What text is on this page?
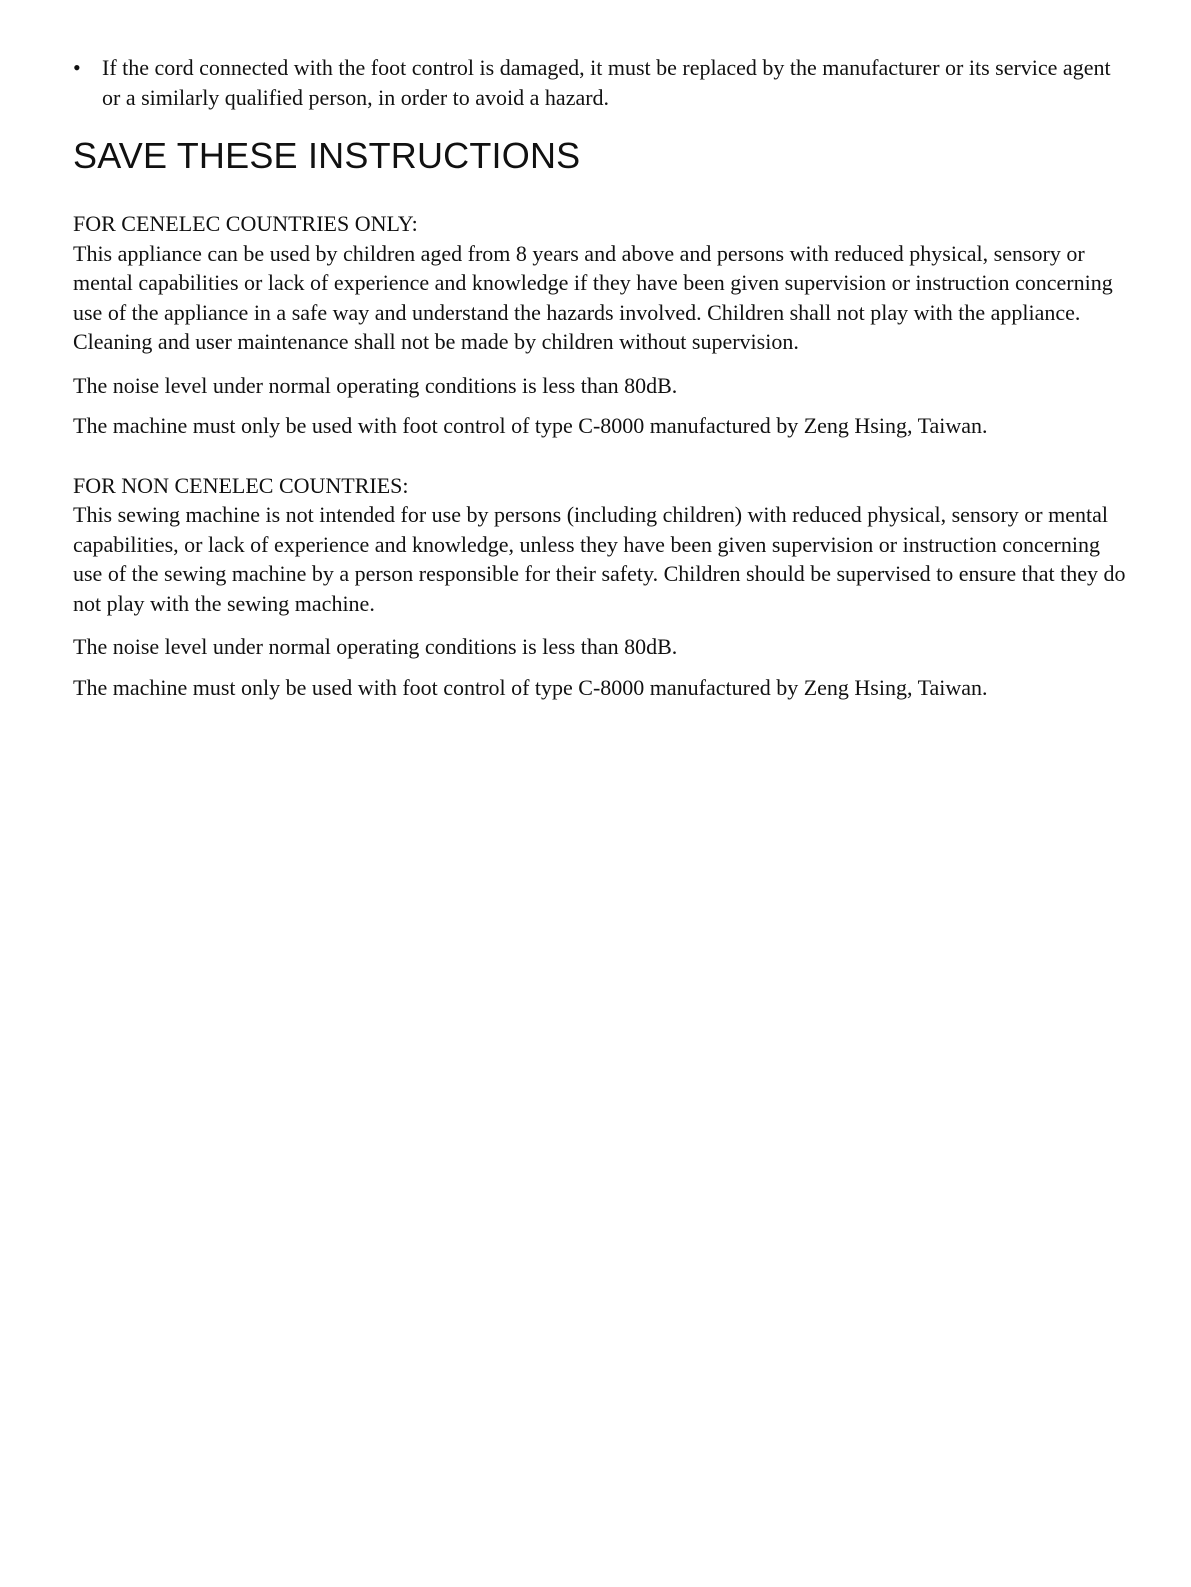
• If the cord connected with the foot control is damaged, it must be replaced by the manufacturer or its service agent or a similarly qualified person, in order to avoid a hazard.

SAVE THESE INSTRUCTIONS
FOR CENELEC COUNTRIES ONLY:

This appliance can be used by children aged from 8 years and above and persons with reduced physical, sensory or mental capabilities or lack of experience and knowledge if they have been given supervision or instruction concerning use of the appliance in a safe way and understand the hazards involved. Children shall not play with the appliance. Cleaning and user maintenance shall not be made by children without supervision.

The noise level under normal operating conditions is less than 80dB.

The machine must only be used with foot control of type C-8000 manufactured by Zeng Hsing, Taiwan.

FOR NON CENELEC COUNTRIES:

This sewing machine is not intended for use by persons (including children) with reduced physical, sensory or mental capabilities, or lack of experience and knowledge, unless they have been given supervision or instruction concerning use of the sewing machine by a person responsible for their safety. Children should be supervised to ensure that they do not play with the sewing machine.

The noise level under normal operating conditions is less than 80dB.

The machine must only be used with foot control of type C-8000 manufactured by Zeng Hsing, Taiwan.
